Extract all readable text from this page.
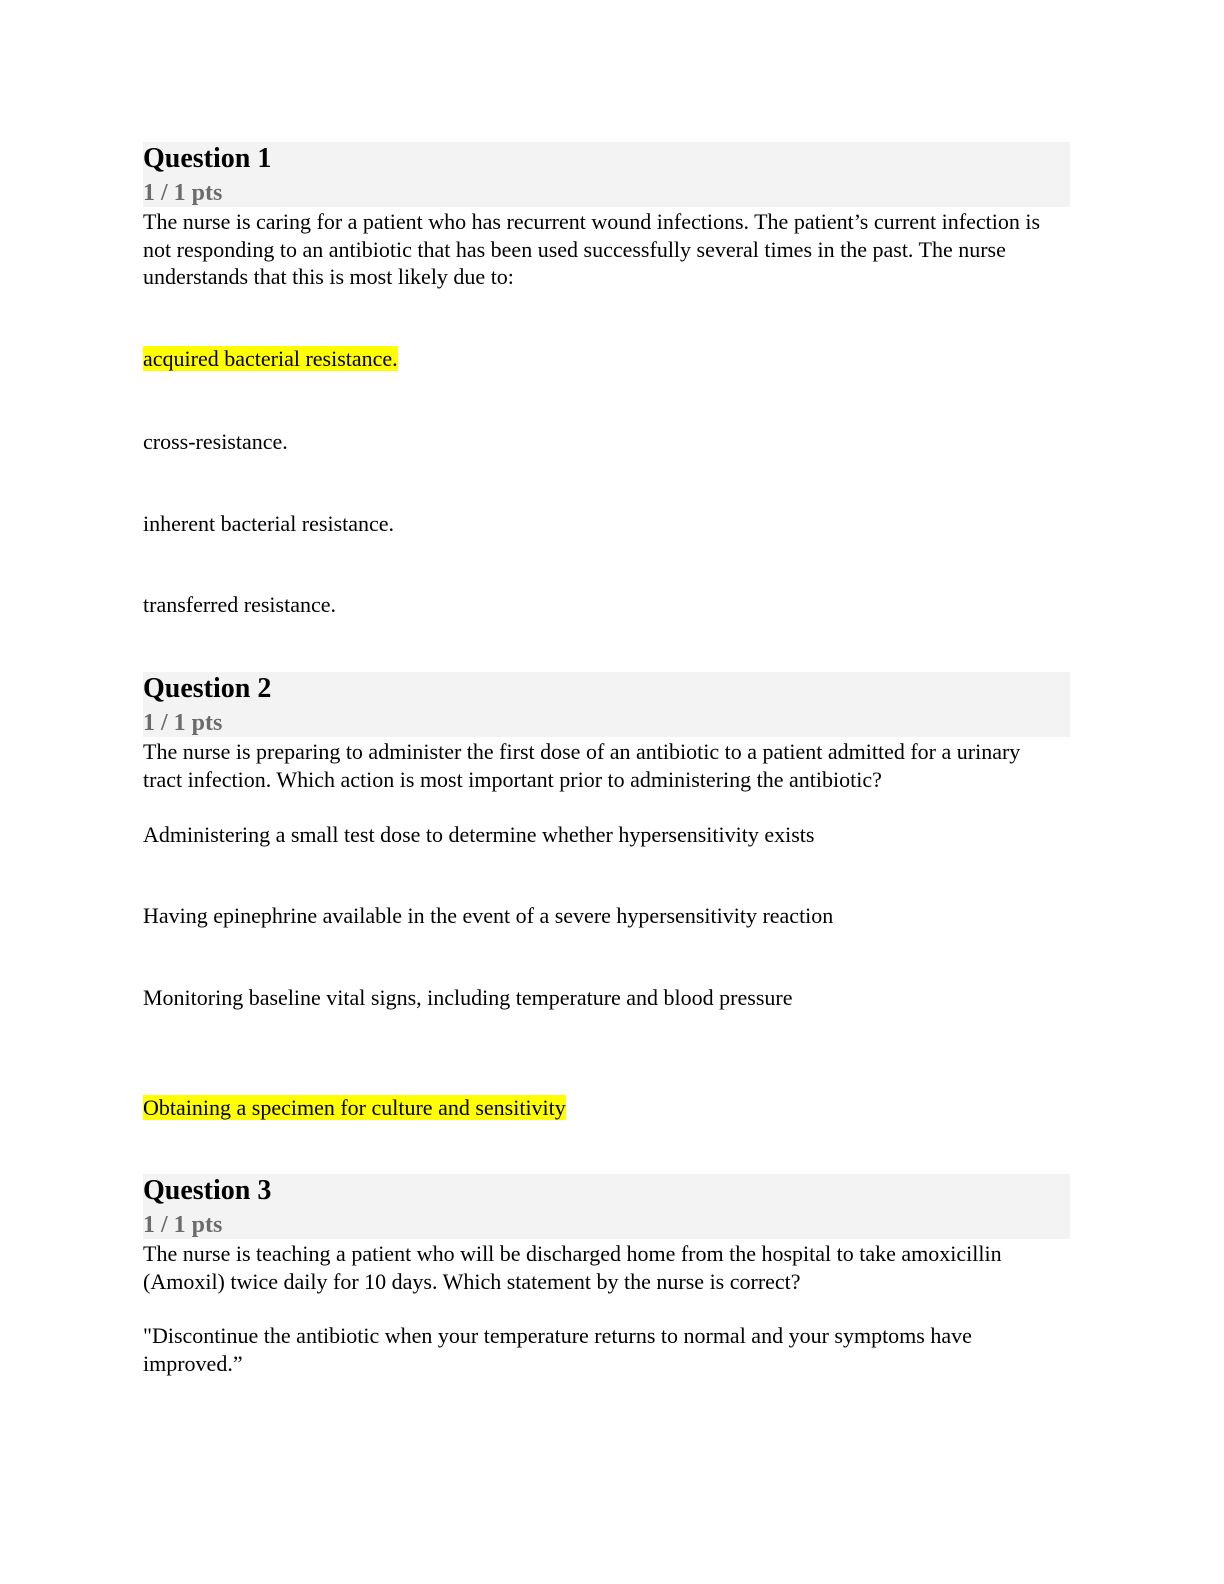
Question 1
1 / 1 pts
The nurse is caring for a patient who has recurrent wound infections. The patient’s current infection is not responding to an antibiotic that has been used successfully several times in the past. The nurse understands that this is most likely due to:
acquired bacterial resistance.
cross-resistance.
inherent bacterial resistance.
transferred resistance.
Question 2
1 / 1 pts
The nurse is preparing to administer the first dose of an antibiotic to a patient admitted for a urinary tract infection. Which action is most important prior to administering the antibiotic?
Administering a small test dose to determine whether hypersensitivity exists
Having epinephrine available in the event of a severe hypersensitivity reaction
Monitoring baseline vital signs, including temperature and blood pressure
Obtaining a specimen for culture and sensitivity
Question 3
1 / 1 pts
The nurse is teaching a patient who will be discharged home from the hospital to take amoxicillin (Amoxil) twice daily for 10 days. Which statement by the nurse is correct?
"Discontinue the antibiotic when your temperature returns to normal and your symptoms have improved.”
